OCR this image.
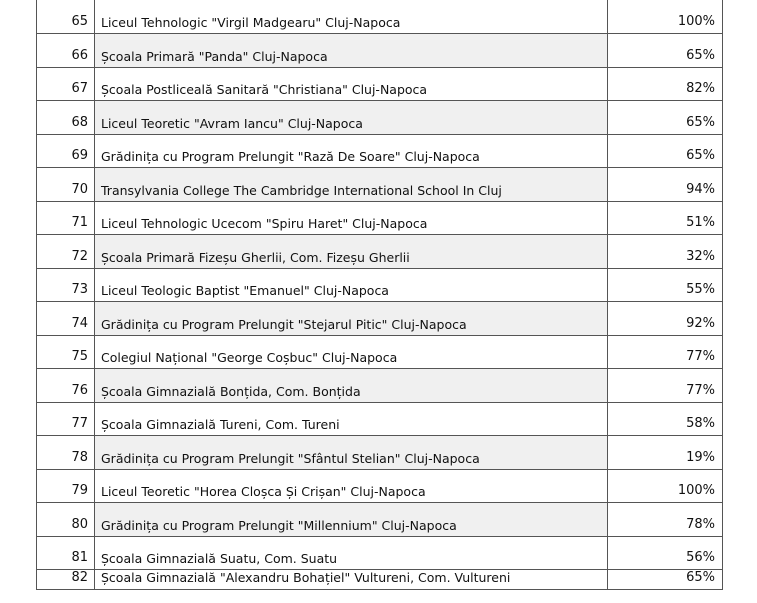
65	Liceul Tehnologic "Virgil Madgearu" Cluj-Napoca	100%
66	Școala Primară "Panda" Cluj-Napoca	65%
67	Școala Postliceală Sanitară "Christiana" Cluj-Napoca	82%
68	Liceul Teoretic "Avram Iancu" Cluj-Napoca	65%
69	Grădinița cu Program Prelungit "Rază De Soare" Cluj-Napoca	65%
70	Transylvania College The Cambridge International School In Cluj	94%
71	Liceul Tehnologic Ucecom "Spiru Haret" Cluj-Napoca	51%
72	Școala Primară Fizeșu Gherlii, Com. Fizeșu Gherlii	32%
73	Liceul Teologic Baptist "Emanuel" Cluj-Napoca	55%
74	Grădinița cu Program Prelungit "Stejarul Pitic" Cluj-Napoca	92%
75	Colegiul Național "George Coșbuc" Cluj-Napoca	77%
76	Școala Gimnazială Bonțida, Com. Bonțida	77%
77	Școala Gimnazială Tureni, Com. Tureni	58%
78	Grădinița cu Program Prelungit "Sfântul Stelian" Cluj-Napoca	19%
79	Liceul Teoretic "Horea Cloșca Și Crișan" Cluj-Napoca	100%
80	Grădinița cu Program Prelungit "Millennium" Cluj-Napoca	78%
81	Școala Gimnazială Suatu, Com. Suatu	56%
82	Școala Gimnazială "Alexandru Bohațiel" Vultureni, Com. Vultureni	65%
